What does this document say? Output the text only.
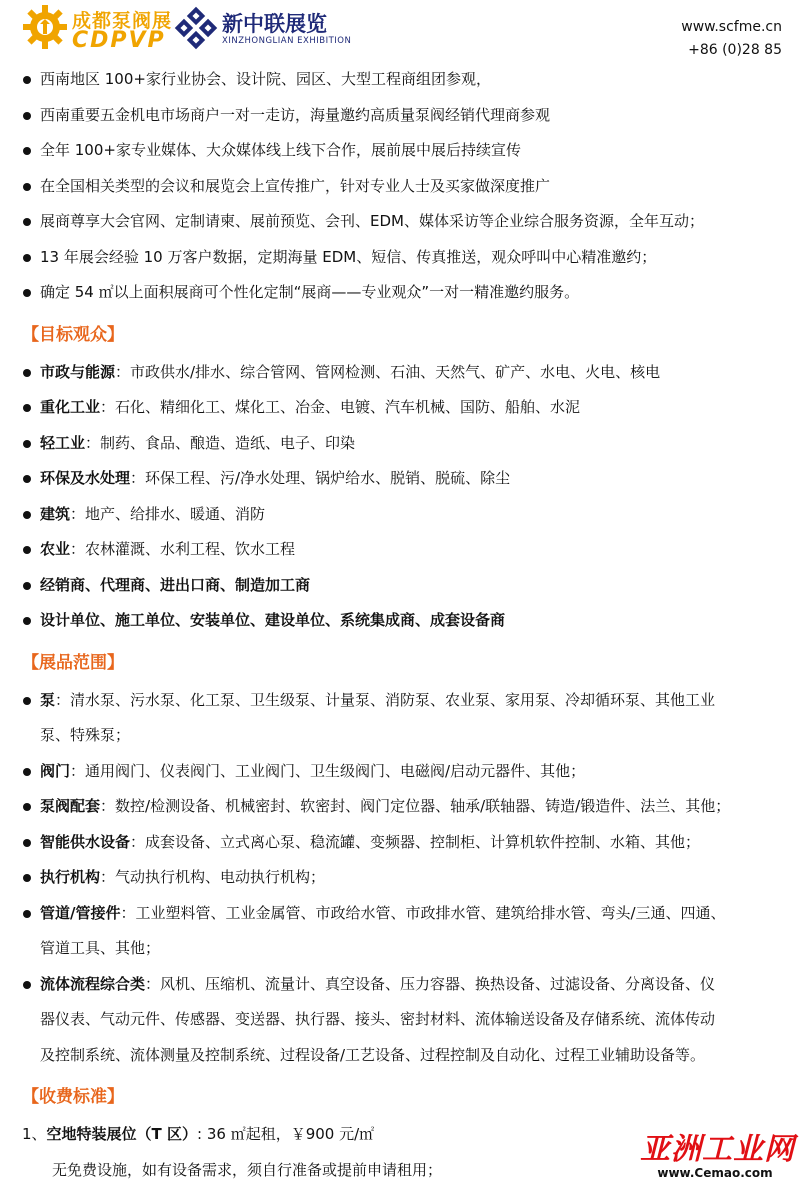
成都泵阀展
CDPVP
新中联展览
XINZHONGLIAN EXHIBITION
www.scfme.cn
+86 (0)28 85
西南地区 100+家行业协会、设计院、园区、大型工程商组团参观，
西南重要五金机电市场商户一对一走访，海量邀约高质量泵阀经销代理商参观
全年 100+家专业媒体、大众媒体线上线下合作，展前展中展后持续宣传
在全国相关类型的会议和展览会上宣传推广，针对专业人士及买家做深度推广
展商尊享大会官网、定制请柬、展前预览、会刊、EDM、媒体采访等企业综合服务资源，全年互动；
13 年展会经验 10 万客户数据，定期海量 EDM、短信、传真推送，观众呼叫中心精准邀约；
确定 54 ㎡以上面积展商可个性化定制“展商——专业观众”一对一精准邀约服务。
【目标观众】
市政与能源：市政供水/排水、综合管网、管网检测、石油、天然气、矿产、水电、火电、核电
重化工业：石化、精细化工、煤化工、冶金、电镀、汽车机械、国防、船舶、水泥
轻工业：制药、食品、酿造、造纸、电子、印染
环保及水处理：环保工程、污/净水处理、锅炉给水、脱销、脱硫、除尘
建筑：地产、给排水、暖通、消防
农业：农林灌溉、水利工程、饮水工程
经销商、代理商、进出口商、制造加工商
设计单位、施工单位、安装单位、建设单位、系统集成商、成套设备商
【展品范围】
泵：清水泵、污水泵、化工泵、卫生级泵、计量泵、消防泵、农业泵、家用泵、冷却循环泵、其他工业
泵、特殊泵；
阀门：通用阀门、仪表阀门、工业阀门、卫生级阀门、电磁阀/启动元器件、其他；
泵阀配套：数控/检测设备、机械密封、软密封、阀门定位器、轴承/联轴器、铸造/锻造件、法兰、其他；
智能供水设备：成套设备、立式离心泵、稳流罐、变频器、控制柜、计算机软件控制、水箱、其他；
执行机构：气动执行机构、电动执行机构；
管道/管接件：工业塑料管、工业金属管、市政给水管、市政排水管、建筑给排水管、弯头/三通、四通、
管道工具、其他；
流体流程综合类：风机、压缩机、流量计、真空设备、压力容器、换热设备、过滤设备、分离设备、仪
器仪表、气动元件、传感器、变送器、执行器、接头、密封材料、流体输送设备及存储系统、流体传动
及控制系统、流体测量及控制系统、过程设备/工艺设备、过程控制及自动化、过程工业辅助设备等。
【收费标准】
1、空地特装展位（T 区）: 36 ㎡起租，￥900 元/㎡
无免费设施，如有设备需求，须自行准备或提前申请租用；
亚洲工业网
www.Cemao.com
